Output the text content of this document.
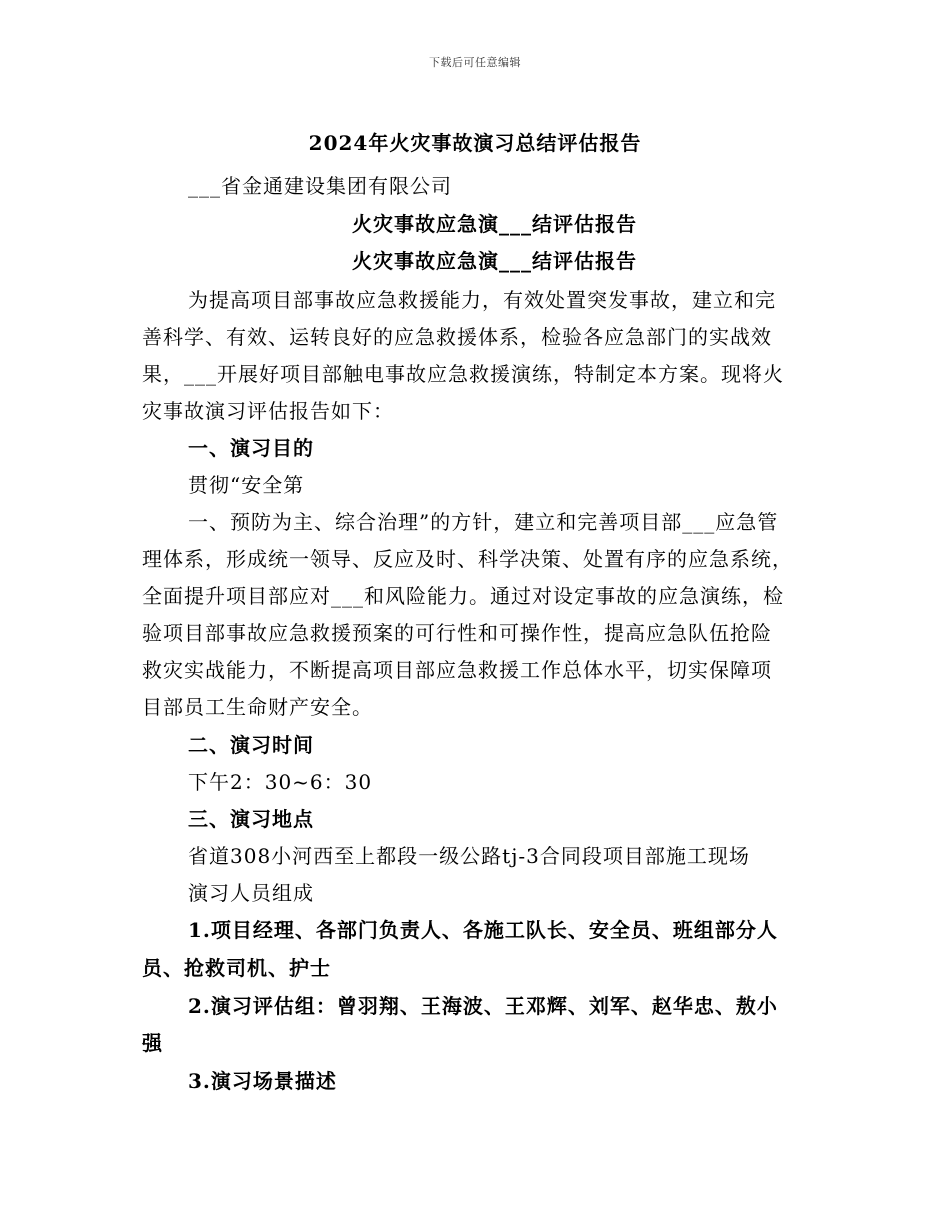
下载后可任意编辑
2024年火灾事故演习总结评估报告
___省金通建设集团有限公司
火灾事故应急演___结评估报告
火灾事故应急演___结评估报告
为提高项目部事故应急救援能力，有效处置突发事故，建立和完
善科学、有效、运转良好的应急救援体系，检验各应急部门的实战效
果，___开展好项目部触电事故应急救援演练，特制定本方案。现将火
灾事故演习评估报告如下：
一、演习目的
贯彻“安全第
一、预防为主、综合治理”的方针，建立和完善项目部___应急管
理体系，形成统一领导、反应及时、科学决策、处置有序的应急系统，
全面提升项目部应对___和风险能力。通过对设定事故的应急演练，检
验项目部事故应急救援预案的可行性和可操作性，提高应急队伍抢险
救灾实战能力，不断提高项目部应急救援工作总体水平，切实保障项
目部员工生命财产安全。
二、演习时间
下午2：30~6：30
三、演习地点
省道308小河西至上都段一级公路tj-3合同段项目部施工现场
演习人员组成
1.项目经理、各部门负责人、各施工队长、安全员、班组部分人
员、抢救司机、护士
2.演习评估组：曾羽翔、王海波、王邓辉、刘军、赵华忠、敖小
强
3.演习场景描述
